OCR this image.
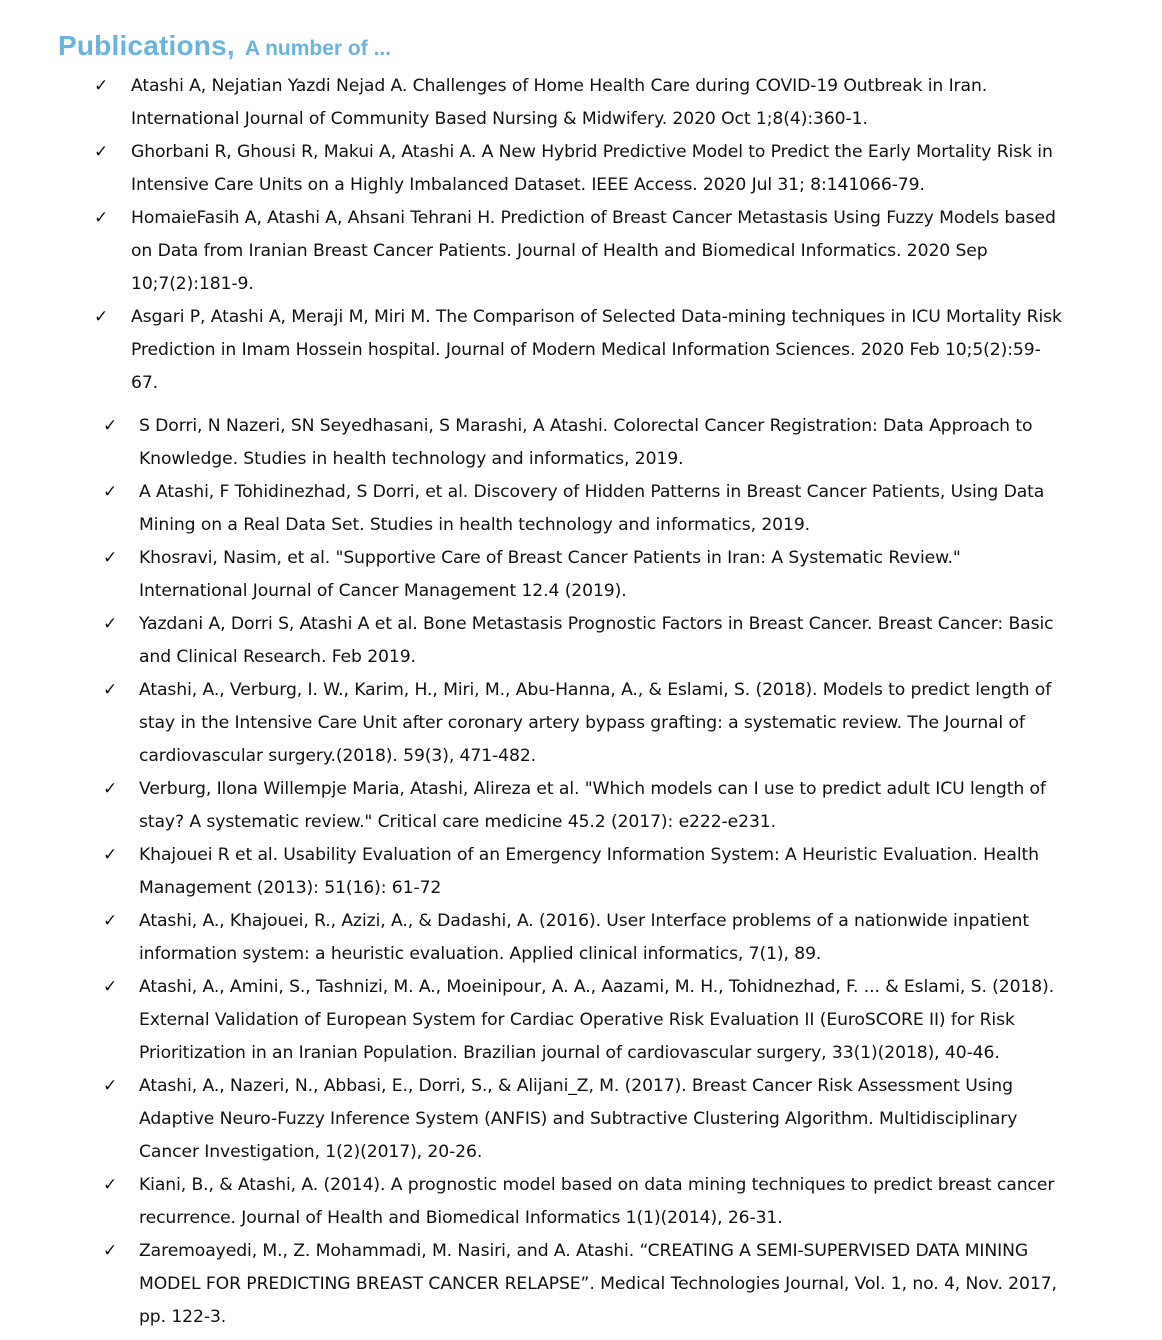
Publications, A number of ...
✓ Atashi A, Nejatian Yazdi Nejad A. Challenges of Home Health Care during COVID-19 Outbreak in Iran. International Journal of Community Based Nursing & Midwifery. 2020 Oct 1;8(4):360-1.
✓ Ghorbani R, Ghousi R, Makui A, Atashi A. A New Hybrid Predictive Model to Predict the Early Mortality Risk in Intensive Care Units on a Highly Imbalanced Dataset. IEEE Access. 2020 Jul 31; 8:141066-79.
✓ HomaieFasih A, Atashi A, Ahsani Tehrani H. Prediction of Breast Cancer Metastasis Using Fuzzy Models based on Data from Iranian Breast Cancer Patients. Journal of Health and Biomedical Informatics. 2020 Sep 10;7(2):181-9.
✓ Asgari P, Atashi A, Meraji M, Miri M. The Comparison of Selected Data-mining techniques in ICU Mortality Risk Prediction in Imam Hossein hospital. Journal of Modern Medical Information Sciences. 2020 Feb 10;5(2):59-67.
✓ S Dorri, N Nazeri, SN Seyedhasani, S Marashi, A Atashi. Colorectal Cancer Registration: Data Approach to Knowledge. Studies in health technology and informatics, 2019.
✓ A Atashi, F Tohidinezhad, S Dorri, et al. Discovery of Hidden Patterns in Breast Cancer Patients, Using Data Mining on a Real Data Set. Studies in health technology and informatics, 2019.
✓ Khosravi, Nasim, et al. "Supportive Care of Breast Cancer Patients in Iran: A Systematic Review." International Journal of Cancer Management 12.4 (2019).
✓ Yazdani A, Dorri S, Atashi A et al. Bone Metastasis Prognostic Factors in Breast Cancer. Breast Cancer: Basic and Clinical Research. Feb 2019.
✓ Atashi, A., Verburg, I. W., Karim, H., Miri, M., Abu-Hanna, A., & Eslami, S. (2018). Models to predict length of stay in the Intensive Care Unit after coronary artery bypass grafting: a systematic review. The Journal of cardiovascular surgery.(2018). 59(3), 471-482.
✓ Verburg, Ilona Willempje Maria, Atashi, Alireza et al. "Which models can I use to predict adult ICU length of stay? A systematic review." Critical care medicine 45.2 (2017): e222-e231.
✓ Khajouei R et al. Usability Evaluation of an Emergency Information System: A Heuristic Evaluation. Health Management (2013): 51(16): 61-72
✓ Atashi, A., Khajouei, R., Azizi, A., & Dadashi, A. (2016). User Interface problems of a nationwide inpatient information system: a heuristic evaluation. Applied clinical informatics, 7(1), 89.
✓ Atashi, A., Amini, S., Tashnizi, M. A., Moeinipour, A. A., Aazami, M. H., Tohidnezhad, F. ... & Eslami, S. (2018). External Validation of European System for Cardiac Operative Risk Evaluation II (EuroSCORE II) for Risk Prioritization in an Iranian Population. Brazilian journal of cardiovascular surgery, 33(1)(2018), 40-46.
✓ Atashi, A., Nazeri, N., Abbasi, E., Dorri, S., & Alijani_Z, M. (2017). Breast Cancer Risk Assessment Using Adaptive Neuro-Fuzzy Inference System (ANFIS) and Subtractive Clustering Algorithm. Multidisciplinary Cancer Investigation, 1(2)(2017), 20-26.
✓ Kiani, B., & Atashi, A. (2014). A prognostic model based on data mining techniques to predict breast cancer recurrence. Journal of Health and Biomedical Informatics 1(1)(2014), 26-31.
✓ Zaremoayedi, M., Z. Mohammadi, M. Nasiri, and A. Atashi. “CREATING A SEMI-SUPERVISED DATA MINING MODEL FOR PREDICTING BREAST CANCER RELAPSE”. Medical Technologies Journal, Vol. 1, no. 4, Nov. 2017, pp. 122-3.
